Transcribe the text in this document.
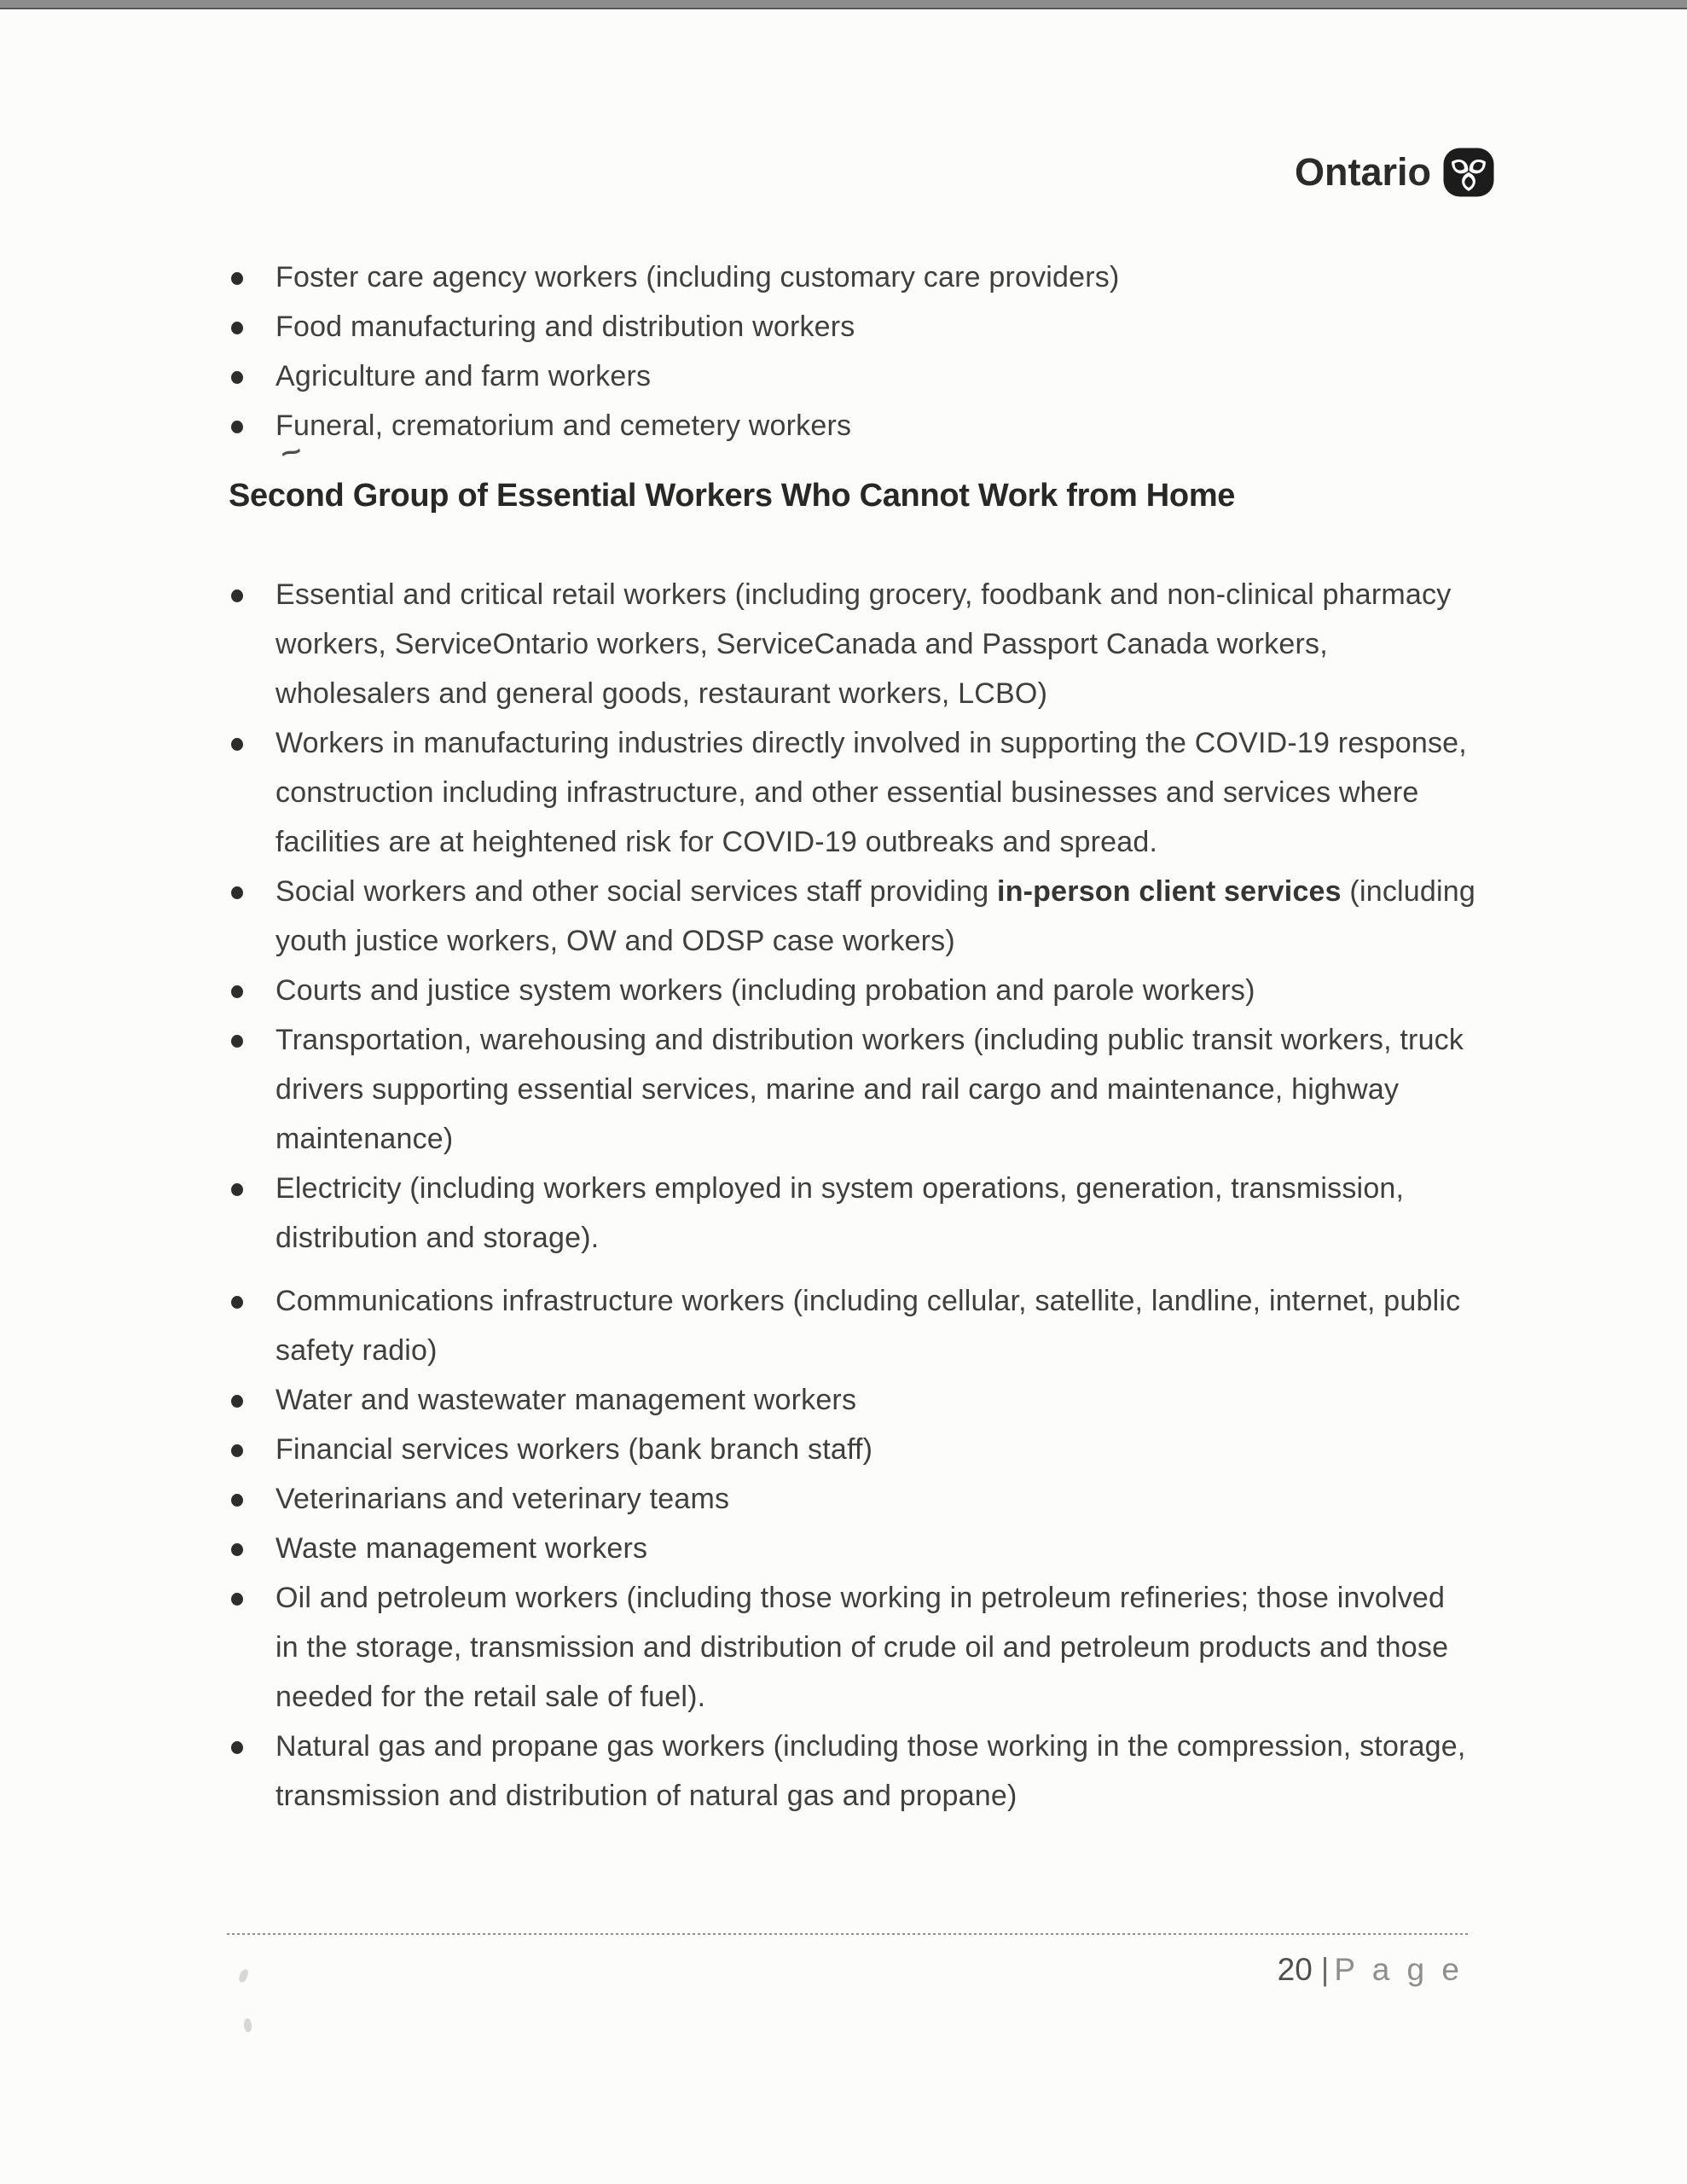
Ontario
Foster care agency workers (including customary care providers)
Food manufacturing and distribution workers
Agriculture and farm workers
Funeral, crematorium and cemetery workers
Second Group of Essential Workers Who Cannot Work from Home
Essential and critical retail workers (including grocery, foodbank and non-clinical pharmacy workers, ServiceOntario workers, ServiceCanada and Passport Canada workers, wholesalers and general goods, restaurant workers, LCBO)
Workers in manufacturing industries directly involved in supporting the COVID-19 response, construction including infrastructure, and other essential businesses and services where facilities are at heightened risk for COVID-19 outbreaks and spread.
Social workers and other social services staff providing in-person client services (including youth justice workers, OW and ODSP case workers)
Courts and justice system workers (including probation and parole workers)
Transportation, warehousing and distribution workers (including public transit workers, truck drivers supporting essential services, marine and rail cargo and maintenance, highway maintenance)
Electricity (including workers employed in system operations, generation, transmission, distribution and storage).
Communications infrastructure workers (including cellular, satellite, landline, internet, public safety radio)
Water and wastewater management workers
Financial services workers (bank branch staff)
Veterinarians and veterinary teams
Waste management workers
Oil and petroleum workers (including those working in petroleum refineries; those involved in the storage, transmission and distribution of crude oil and petroleum products and those needed for the retail sale of fuel).
Natural gas and propane gas workers (including those working in the compression, storage, transmission and distribution of natural gas and propane)
~
20 | P a g e
